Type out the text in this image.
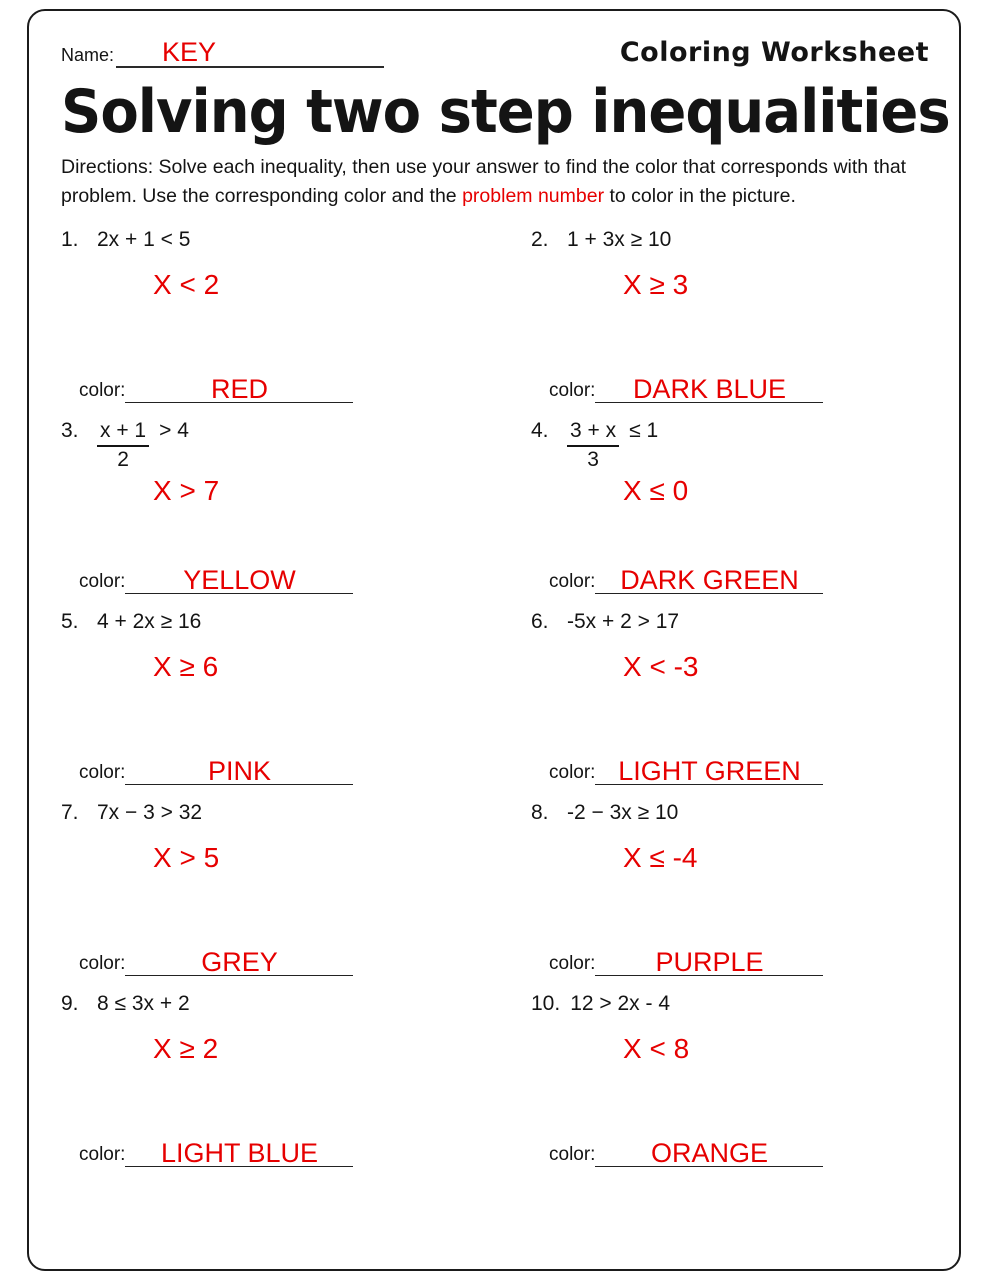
Name:	KEY	Coloring Worksheet
Solving two step inequalities
Directions: Solve each inequality, then use your answer to find the color that corresponds with that problem. Use the corresponding color and the problem number to color in the picture.
1. 2x + 1 < 5
X < 2
color:	RED
2. 1 + 3x ≥ 10
X ≥ 3
color:	DARK BLUE
3. $\frac{x + 1}{2} > 4$
X > 7
color:	YELLOW
4. $\frac{3 + x}{3} \le 1$
X ≤ 0
color: DARK GREEN
5. 4 + 2x ≥ 16
X ≥ 6
color:	PINK
6. -5x + 2 > 17
X < -3
color: LIGHT GREEN
7. 7x − 3 > 32
X > 5
color:	GREY
8. -2 − 3x ≥ 10
X ≤ -4
color:	PURPLE
9. 8 ≤ 3x + 2
X ≥ 2
color:	LIGHT BLUE
10. 12 > 2x - 4
X < 8
color:	ORANGE
